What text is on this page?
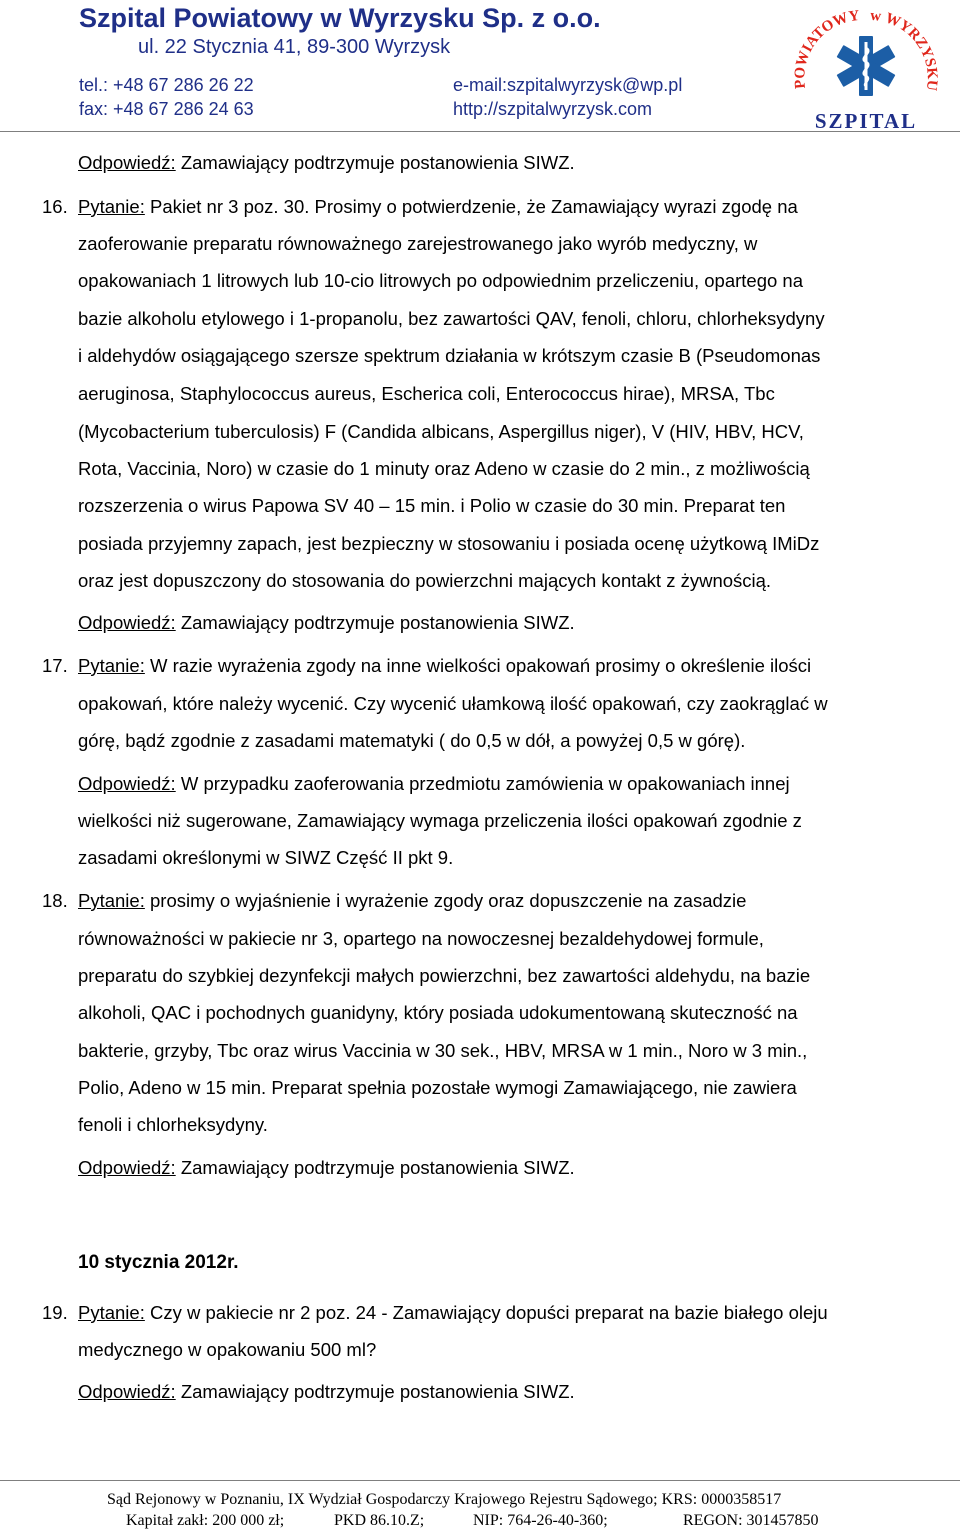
Szpital Powiatowy w Wyrzysku Sp. z o.o.
ul. 22 Stycznia 41, 89-300 Wyrzysk
tel.: +48 67 286 26 22
fax: +48 67 286 24 63
e-mail:szpitalwyrzysk@wp.pl
http://szpitalwyrzysk.com
POWIATOWY w WYRZYSKU
SZPITAL
Odpowiedź: Zamawiający podtrzymuje postanowienia SIWZ.
16. Pytanie: Pakiet nr 3 poz. 30. Prosimy o potwierdzenie, że Zamawiający wyrazi zgodę na
zaoferowanie preparatu równoważnego zarejestrowanego jako wyrób medyczny, w
opakowaniach 1 litrowych lub 10-cio litrowych po odpowiednim przeliczeniu, opartego na
bazie alkoholu etylowego i 1-propanolu, bez zawartości QAV, fenoli, chloru, chlorheksydyny
i aldehydów osiągającego szersze spektrum działania w krótszym czasie B (Pseudomonas
aeruginosa, Staphylococcus aureus, Escherica coli, Enterococcus hirae), MRSA, Tbc
(Mycobacterium tuberculosis) F (Candida albicans, Aspergillus niger), V (HIV, HBV, HCV,
Rota, Vaccinia, Noro) w czasie do 1 minuty oraz Adeno w czasie do 2 min., z możliwością
rozszerzenia o wirus Papowa SV 40 – 15 min. i Polio w czasie do 30 min. Preparat ten
posiada przyjemny zapach, jest bezpieczny w stosowaniu i posiada ocenę użytkową IMiDz
oraz jest dopuszczony do stosowania do powierzchni mających kontakt z żywnością.
Odpowiedź: Zamawiający podtrzymuje postanowienia SIWZ.
17. Pytanie: W razie wyrażenia zgody na inne wielkości opakowań prosimy o określenie ilości
opakowań, które należy wycenić. Czy wycenić ułamkową ilość opakowań, czy zaokrąglać w
górę, bądź zgodnie z zasadami matematyki ( do 0,5 w dół, a powyżej 0,5 w górę).
Odpowiedź: W przypadku zaoferowania przedmiotu zamówienia w opakowaniach innej
wielkości niż sugerowane, Zamawiający wymaga przeliczenia ilości opakowań zgodnie z
zasadami określonymi w SIWZ Część II pkt 9.
18. Pytanie: prosimy o wyjaśnienie i wyrażenie zgody oraz dopuszczenie na zasadzie
równoważności w pakiecie nr 3, opartego na nowoczesnej bezaldehydowej formule,
preparatu do szybkiej dezynfekcji małych powierzchni, bez zawartości aldehydu, na bazie
alkoholi, QAC i pochodnych guanidyny, który posiada udokumentowaną skuteczność na
bakterie, grzyby, Tbc oraz wirus Vaccinia w 30 sek., HBV, MRSA w 1 min., Noro w 3 min.,
Polio, Adeno w 15 min. Preparat spełnia pozostałe wymogi Zamawiającego, nie zawiera
fenoli i chlorheksydyny.
Odpowiedź: Zamawiający podtrzymuje postanowienia SIWZ.
10 stycznia 2012r.
19. Pytanie: Czy w pakiecie nr 2 poz. 24 - Zamawiający dopuści preparat na bazie białego oleju
medycznego w opakowaniu 500 ml?
Odpowiedź: Zamawiający podtrzymuje postanowienia SIWZ.
Sąd Rejonowy w Poznaniu, IX Wydział Gospodarczy Krajowego Rejestru Sądowego; KRS: 0000358517
Kapitał zakł: 200 000 zł;	PKD 86.10.Z;	NIP: 764-26-40-360;	REGON: 301457850
